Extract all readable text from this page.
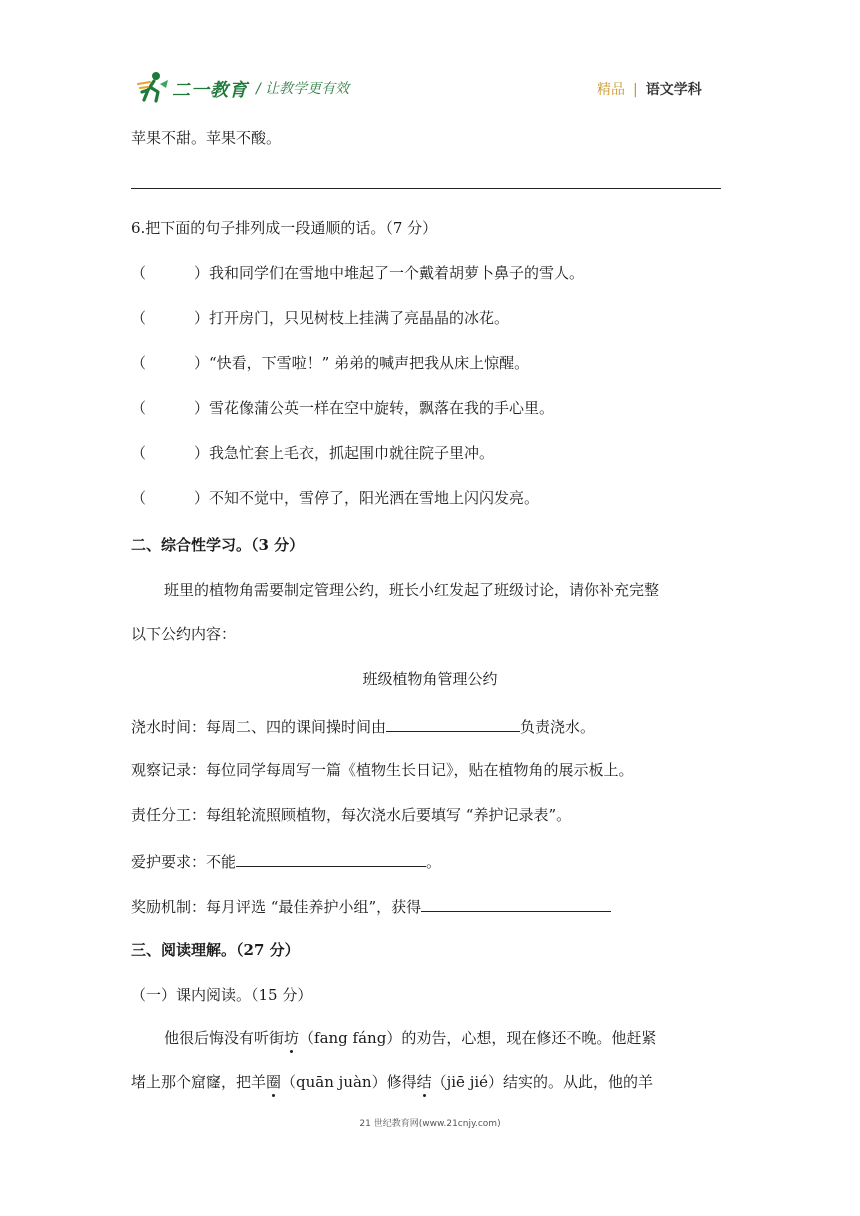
二一教育 / 让教学更有效	精品 | 语文学科
苹果不甜。苹果不酸。
6.把下面的句子排列成一段通顺的话。（7 分）
（	）我和同学们在雪地中堆起了一个戴着胡萝卜鼻子的雪人。
（	）打开房门，只见树枝上挂满了亮晶晶的冰花。
（	）“快看，下雪啦！” 弟弟的喊声把我从床上惊醒。
（	）雪花像蒲公英一样在空中旋转，飘落在我的手心里。
（	）我急忙套上毛衣，抓起围巾就往院子里冲。
（	）不知不觉中，雪停了，阳光洒在雪地上闪闪发亮。
二、综合性学习。（3 分）
班里的植物角需要制定管理公约，班长小红发起了班级讨论，请你补充完整
以下公约内容：
班级植物角管理公约
浇水时间：每周二、四的课间操时间由	负责浇水。
观察记录：每位同学每周写一篇《植物生长日记》，贴在植物角的展示板上。
责任分工：每组轮流照顾植物，每次浇水后要填写 “养护记录表”。
爱护要求：不能	。
奖励机制：每月评选 “最佳养护小组”，获得
三、阅读理解。（27 分）
（一）课内阅读。（15 分）
他很后悔没有听街坊（fang fáng）的劝告，心想，现在修还不晚。他赶紧
堵上那个窟窿，把羊圈（quān juàn）修得结（jiē jié）结实的。从此，他的羊
21 世纪教育网(www.21cnjy.com)
